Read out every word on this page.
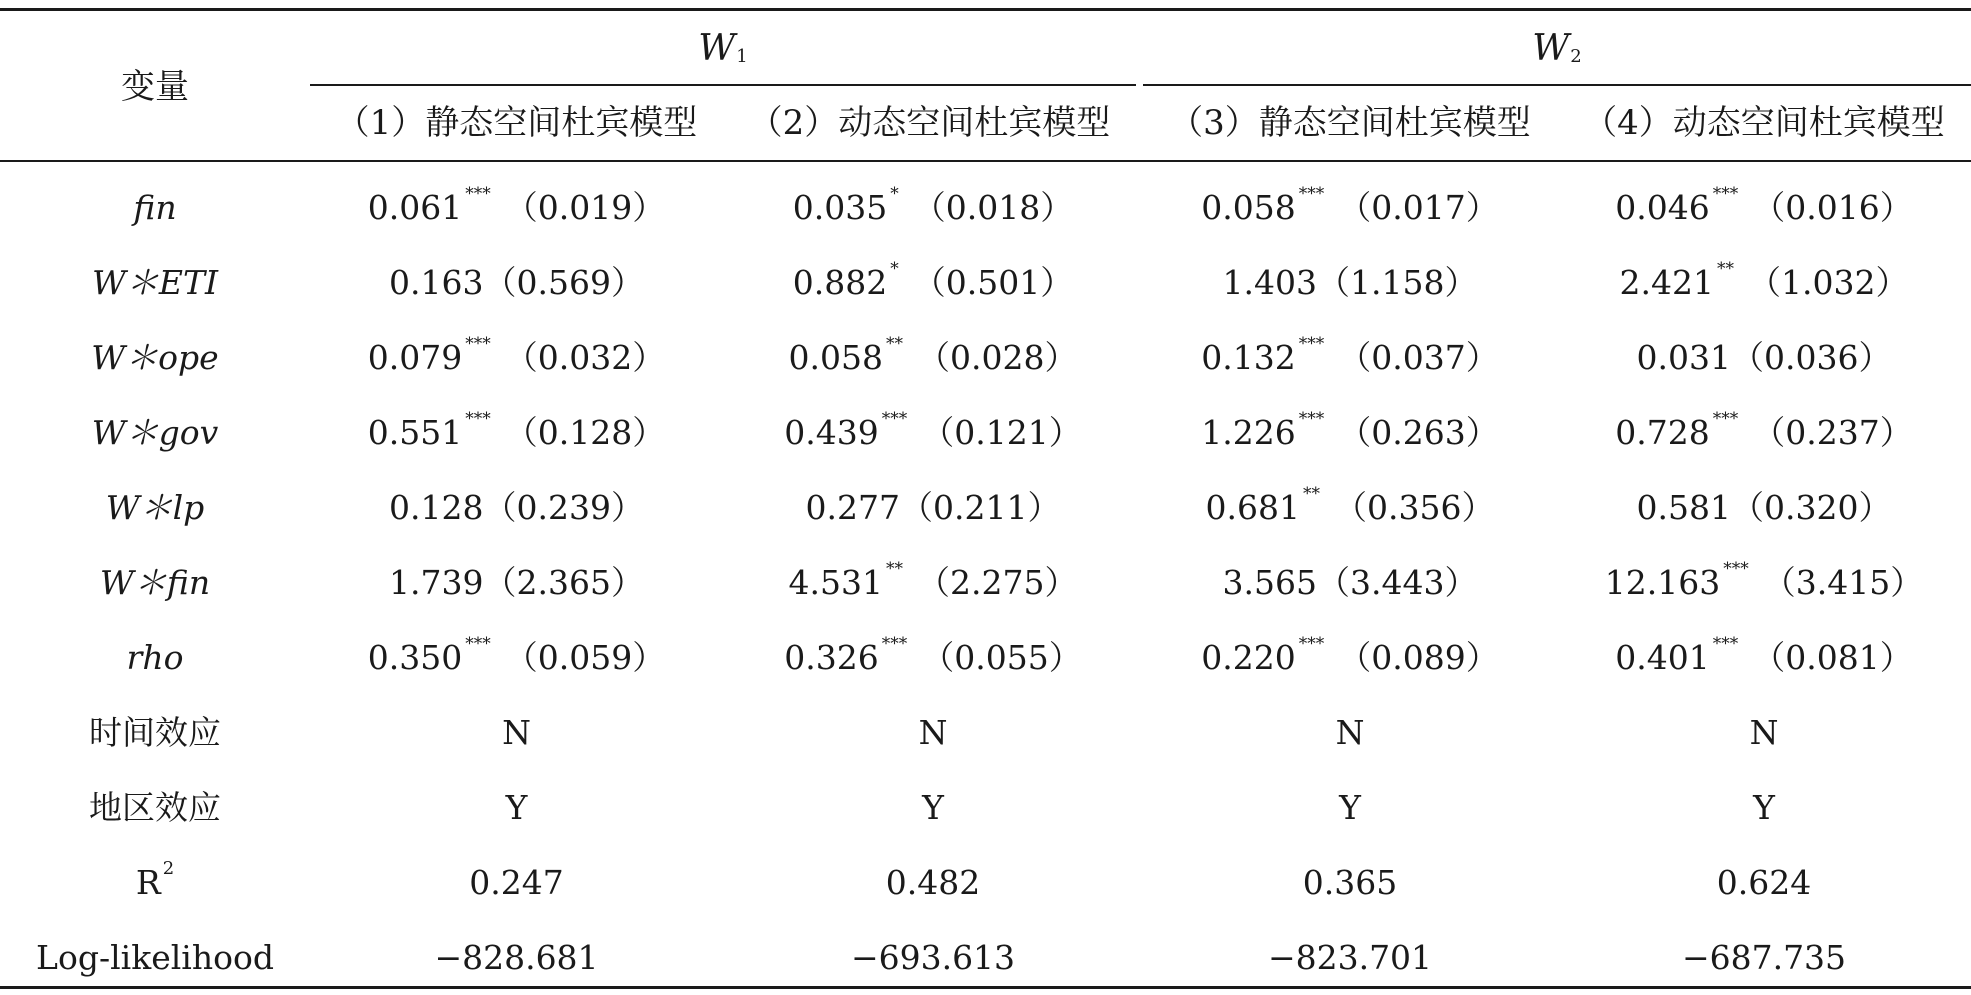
变量
W 1	W 2
（1）静态空间杜宾模型 （2）动态空间杜宾模型 （3）静态空间杜宾模型 （4）动态空间杜宾模型
fin	0.061*** （0.019）	0.035* （0.018）	0.058*** （0.017）	0.046*** （0.016）
W＊ETI	0.163 （0.569）	0.882* （0.501）	1.403 （1.158）	2.421** （1.032）
W＊ope	0.079*** （0.032）	0.058** （0.028）	0.132*** （0.037）	0.031 （0.036）
W＊gov	0.551*** （0.128）	0.439*** （0.121）	1.226*** （0.263）	0.728*** （0.237）
W＊lp	0.128 （0.239）	0.277 （0.211）	0.681** （0.356）	0.581 （0.320）
W＊fin	1.739 （2.365）	4.531** （2.275）	3.565 （3.443）	12.163*** （3.415）
rho	0.350*** （0.059）	0.326*** （0.055）	0.220*** （0.089）	0.401*** （0.081）
时间效应	N	N	N	N
地区效应	Y	Y	Y	Y
$R^2$	0.247	0.482	0.365	0.624
Log-likelihood	−828.681	−693.613	−823.701	−687.735
